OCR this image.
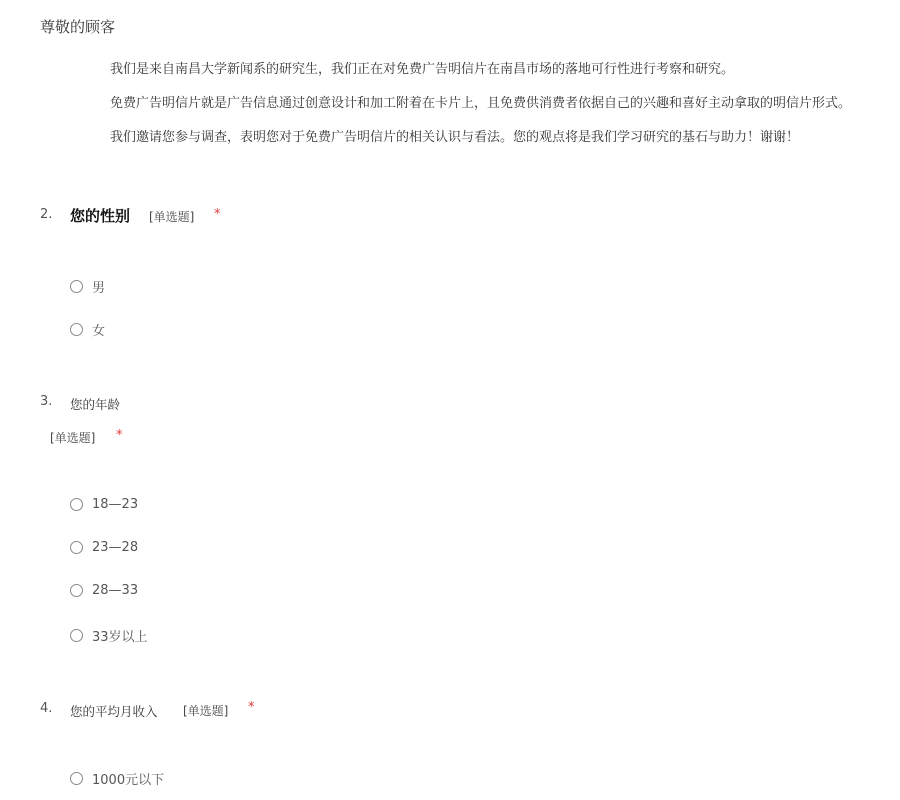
尊敬的顾客
我们是来自南昌大学新闻系的研究生，我们正在对免费广告明信片在南昌市场的落地可行性进行考察和研究。
免费广告明信片就是广告信息通过创意设计和加工附着在卡片上，且免费供消费者依据自己的兴趣和喜好主动拿取的明信片形式。
我们邀请您参与调查，表明您对于免费广告明信片的相关认识与看法。您的观点将是我们学习研究的基石与助力！谢谢！
2. 您的性别 [单选题] *
男
女
3. 您的年龄
[单选题] *
18—23
23—28
28—33
33岁以上
4. 您的平均月收入 [单选题] *
1000元以下
